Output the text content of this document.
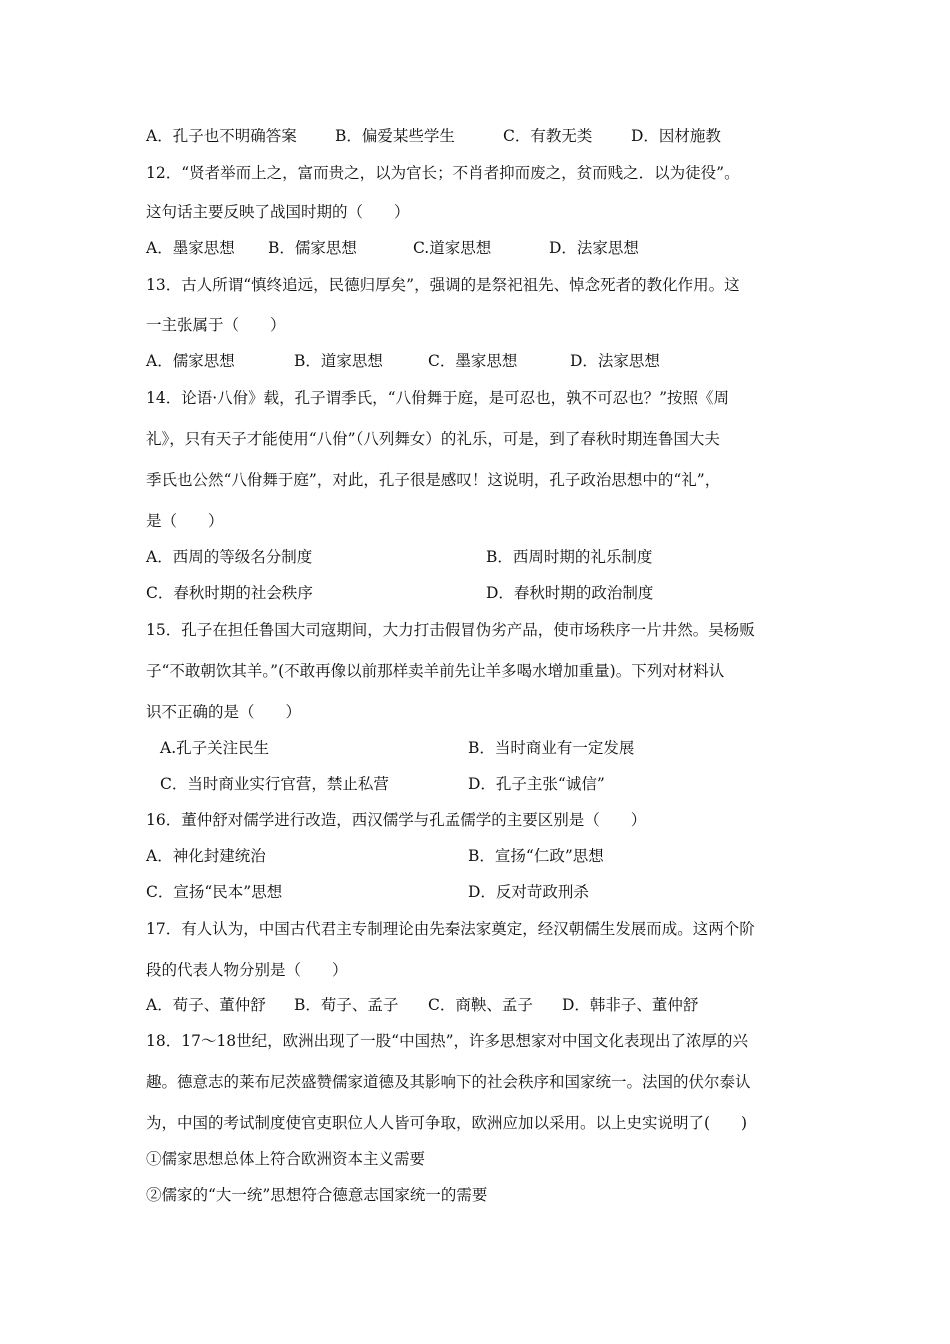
A．孔子也不明确答案

B．偏爱某些学生

	C．有教无类

D．因材施教

12．“贤者举而上之，富而贵之，以为官长；不肖者抑而废之，贫而贱之．以为徒役”。
这句话主要反映了战国时期的（　　）

A．墨家思想

B．儒家思想

	C.道家思想

	D．法家思想

13．古人所谓“慎终追远，民德归厚矣”，强调的是祭祀祖先、悼念死者的教化作用。这
一主张属于（　　）

A．儒家思想

	B．道家思想

	C．墨家思想

	D．法家思想

14．论语·八佾》载，孔子谓季氏，“八佾舞于庭，是可忍也，孰不可忍也？”按照《周
礼》，只有天子才能使用“八佾”（八列舞女）的礼乐，可是，到了春秋时期连鲁国大夫
季氏也公然“八佾舞于庭”，对此，孔子很是感叹！这说明，孔子政治思想中的“礼”，
是（　　）

A．西周的等级名分制度

	B．西周时期的礼乐制度

C．春秋时期的社会秩序

	D．春秋时期的政治制度

15．孔子在担任鲁国大司寇期间，大力打击假冒伪劣产品，使市场秩序一片井然。吴杨贩
子“不敢朝饮其羊。”(不敢再像以前那样卖羊前先让羊多喝水增加重量)。下列对材料认
识不正确的是（　　）

A.孔子关注民生

	B．当时商业有一定发展

C．当时商业实行官营，禁止私营

	D．孔子主张“诚信”

16．董仲舒对儒学进行改造，西汉儒学与孔孟儒学的主要区别是（　　）

A．神化封建统治

	B．宣扬“仁政”思想

C．宣扬“民本”思想

	D．反对苛政刑杀

17．有人认为，中国古代君主专制理论由先秦法家奠定，经汉朝儒生发展而成。这两个阶
段的代表人物分别是（　　）

A．荀子、董仲舒

B．荀子、孟子

C．商鞅、孟子

D．韩非子、董仲舒

18．17～18世纪，欧洲出现了一股“中国热”，许多思想家对中国文化表现出了浓厚的兴
趣。德意志的莱布尼茨盛赞儒家道德及其影响下的社会秩序和国家统一。法国的伏尔泰认
为，中国的考试制度使官吏职位人人皆可争取，欧洲应加以采用。以上史实说明了(　　)
①儒家思想总体上符合欧洲资本主义需要
②儒家的“大一统”思想符合德意志国家统一的需要
